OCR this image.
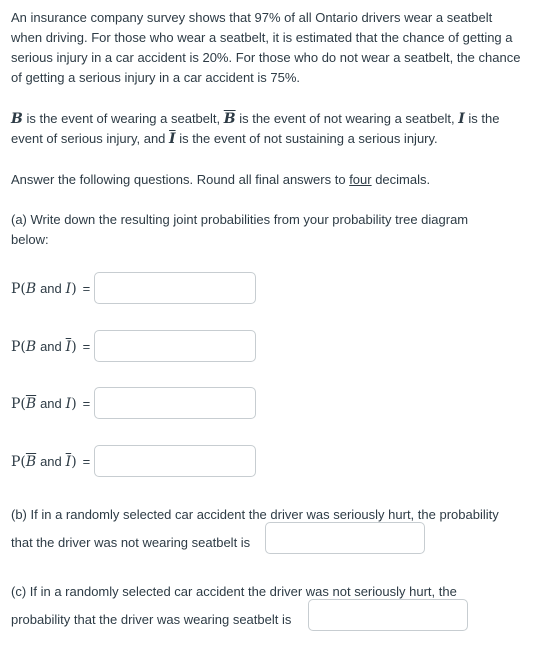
An insurance company survey shows that 97% of all Ontario drivers wear a seatbelt
when driving. For those who wear a seatbelt, it is estimated that the chance of getting a
serious injury in a car accident is 20%. For those who do not wear a seatbelt, the chance
of getting a serious injury in a car accident is 75%.
B is the event of wearing a seatbelt, $\overline{B}$ is the event of not wearing a seatbelt, I is the
event of serious injury, and $\overline{I}$ is the event of not sustaining a serious injury.
Answer the following questions. Round all final answers to four decimals.
(a) Write down the resulting joint probabilities from your probability tree diagram
below:
P(B and I) =
P(B and $\overline{I}$) =
$P(\overline{B}$ and I) =
$P(\overline{B}$ and $\overline{I}$) =
(b) If in a randomly selected car accident the driver was seriously hurt, the probability
that the driver was not wearing seatbelt is
(c) If in a randomly selected car accident the driver was not seriously hurt, the
probability that the driver was wearing seatbelt is
